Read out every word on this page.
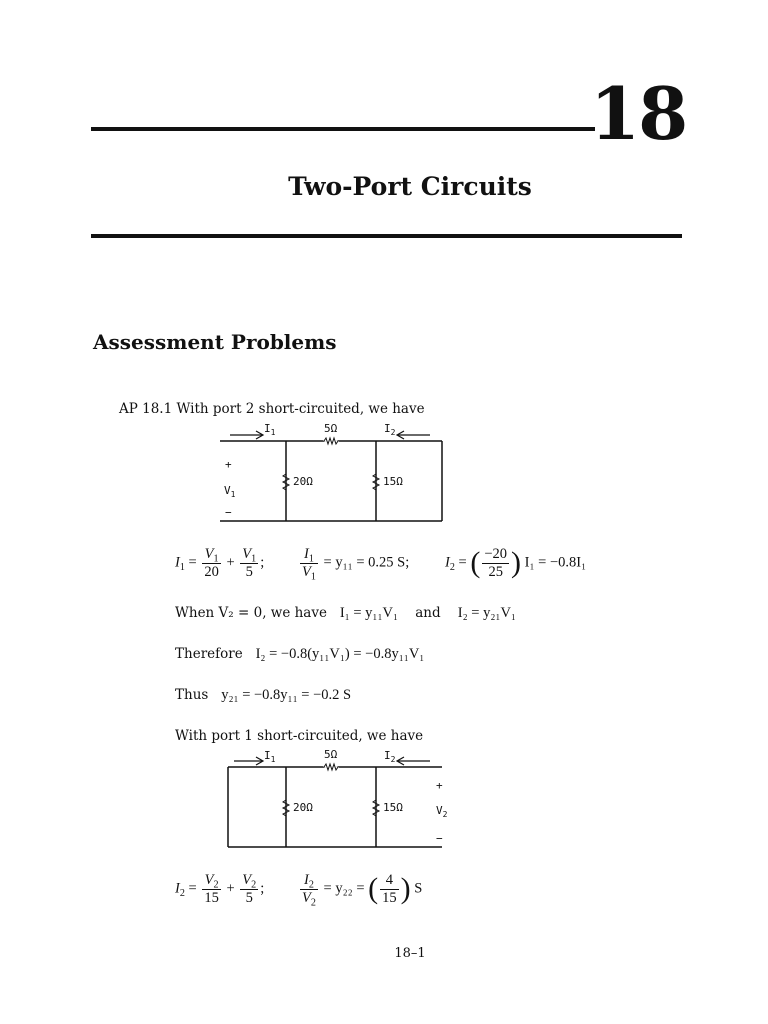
18
Two-Port Circuits
Assessment Problems
AP 18.1 With port 2 short-circuited, we have
$I_1$	5Ω	$I_2$
20Ω	15Ω
+
$V_1$
−
$I_1 = \frac{V_1}{20} + \frac{V_1}{5}$ ; $\frac{I_1}{V_1} = y_{11} = 0.25$ S; $I_2$ = ( $\frac{-20}{25}$ ) I₁ = −0.8I₁
When V₂ = 0, we have I₁ = y₁₁V₁ and I₂ = y₂₁V₁
Therefore I₂ = −0.8(y₁₁V₁) = −0.8y₁₁V₁
Thus y₂₁ = −0.8y₁₁ = −0.2 S
With port 1 short-circuited, we have
$I_1$	5Ω	$I_2$
20Ω	15Ω
+
$V_2$
−
$I_2 = \frac{V_2}{15} + \frac{V_2}{5}$ ; $\frac{I_2}{V_2} = y_{22}$ = ( $\frac{4}{15}$ ) S
18–1
